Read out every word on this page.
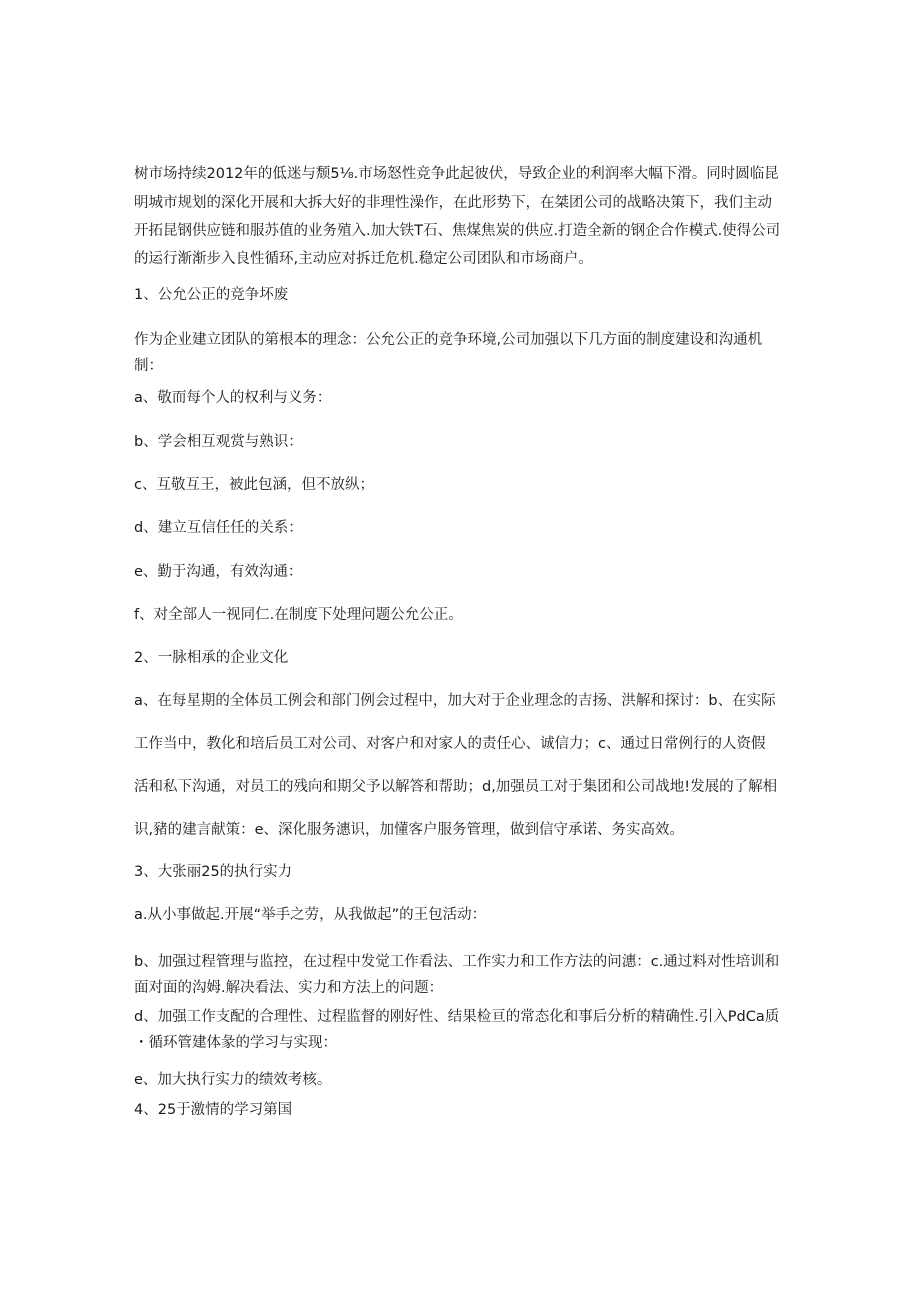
树市场持续2012年的低迷与颓5⅛.市场怒性竞争此起彼伏，导致企业的利润率大幅下滑。同时圆临昆
明城市规划的深化开展和大拆大好的非理性澡作，在此形势下，在桀团公司的战略决策下，我们主动
开拓昆钢供应链和服苏值的业务殖入.加大铁T石、焦煤焦炭的供应.打造全新的钢企合作模式.使得公司
的运行渐渐步入良性循环,主动应对拆迁危机.稳定公司团队和市场商户。
1、公允公正的竞争坏废
作为企业建立团队的第根本的理念：公允公正的竞争环境,公司加强以下几方面的制度建设和沟通机
制：
a、敬而每个人的权利与义务：
b、学会相互观赏与熟识：
c、互敬互王，被此包涵，但不放纵；
d、建立互信任任的关系：
e、勤于沟通，有效沟通：
f、对全部人一视同仁.在制度下处理问题公允公正。
2、一脉相承的企业文化
a、在每星期的全体员工例会和部门例会过程中，加大对于企业理念的吉扬、洪解和探讨：b、在实际
工作当中，教化和培后员工对公司、对客户和对家人的责任心、诚信力；c、通过日常例行的人资假
活和私下沟通，对员工的残向和期父予以解答和帮助；d,加强员工对于集团和公司战地!发展的了解相
识,豬的建言献策：e、深化服务潓识，加懂客户服务管理，做到信守承诺、务实高效。
3、大张丽25的执行实力
a.从小事做起.开展“举手之劳，从我做起”的王包活动：
b、加强过程管理与监控，在过程中发觉工作看法、工作实力和工作方法的问潓：c.通过料对性培训和
面对面的沟姆.解决看法、实力和方法上的问题：
d、加强工作支配的合理性、过程监督的刚好性、结果检亘的常态化和事后分析的精确性.引入PdCa质
・循环管建体彖的学习与实现：
e、加大执行实力的绩效考核。
4、25于激情的学习第国
